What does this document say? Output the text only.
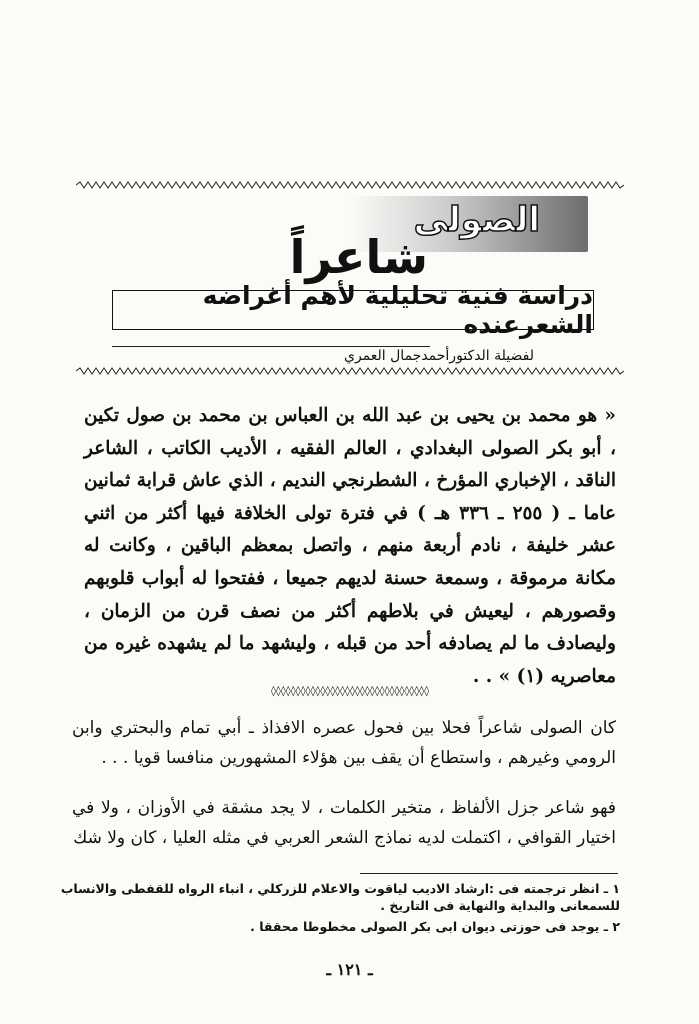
الصولى
شاعراً
دراسة فنية تحليلية لأهم أغراضه الشعرعنده
لفضيلة الدكتورأحمدجمال العمري

« هو محمد بن يحيى بن عبد الله بن العباس بن محمد بن صول تكين ، أبو بكر الصولى البغدادي ، العالم الفقيه ، الأديب الكاتب ، الشاعر الناقد ، الإخباري المؤرخ ، الشطرنجي النديم ، الذي عاش قرابة ثمانين عاما ـ ( ٢٥٥ ـ ٣٣٦ هـ ) في فترة تولى الخلافة فيها أكثر من اثني عشر خليفة ، نادم أربعة منهم ، واتصل بمعظم الباقين ، وكانت له مكانة مرموقة ، وسمعة حسنة لديهم جميعا ، ففتحوا له أبواب قلوبهم وقصورهم ، ليعيش في بلاطهم أكثر من نصف قرن من الزمان ، وليصادف ما لم يصادفه أحد من قبله ، وليشهد ما لم يشهده غيره من معاصريه (١) » . .

◊◊◊◊◊◊◊◊◊◊◊◊◊◊◊◊◊◊◊◊◊◊◊◊◊◊◊◊◊◊◊◊

كان الصولى شاعراً فحلا بين فحول عصره الافذاذ ـ أبي تمام والبحتري وابن الرومي وغيرهم ، واستطاع أن يقف بين هؤلاء المشهورين منافسا قويا . . .

فهو شاعر جزل الألفاظ ، متخير الكلمات ، لا يجد مشقة في الأوزان ، ولا في اختيار القوافي ، اكتملت لديه نماذج الشعر العربي في مثله العليا ، كان ولا شك

١ ـ انظر ترجمته فى :ارشاد الاديب لياقوت والاعلام للزركلي ، انباء الرواه للقفطى والانساب للسمعانى والبداية والنهاية فى التاريخ .

٢ ـ يوجد فى حوزتى ديوان ابى بكر الصولى مخطوطا محققا .

ـ ١٢١ ـ
